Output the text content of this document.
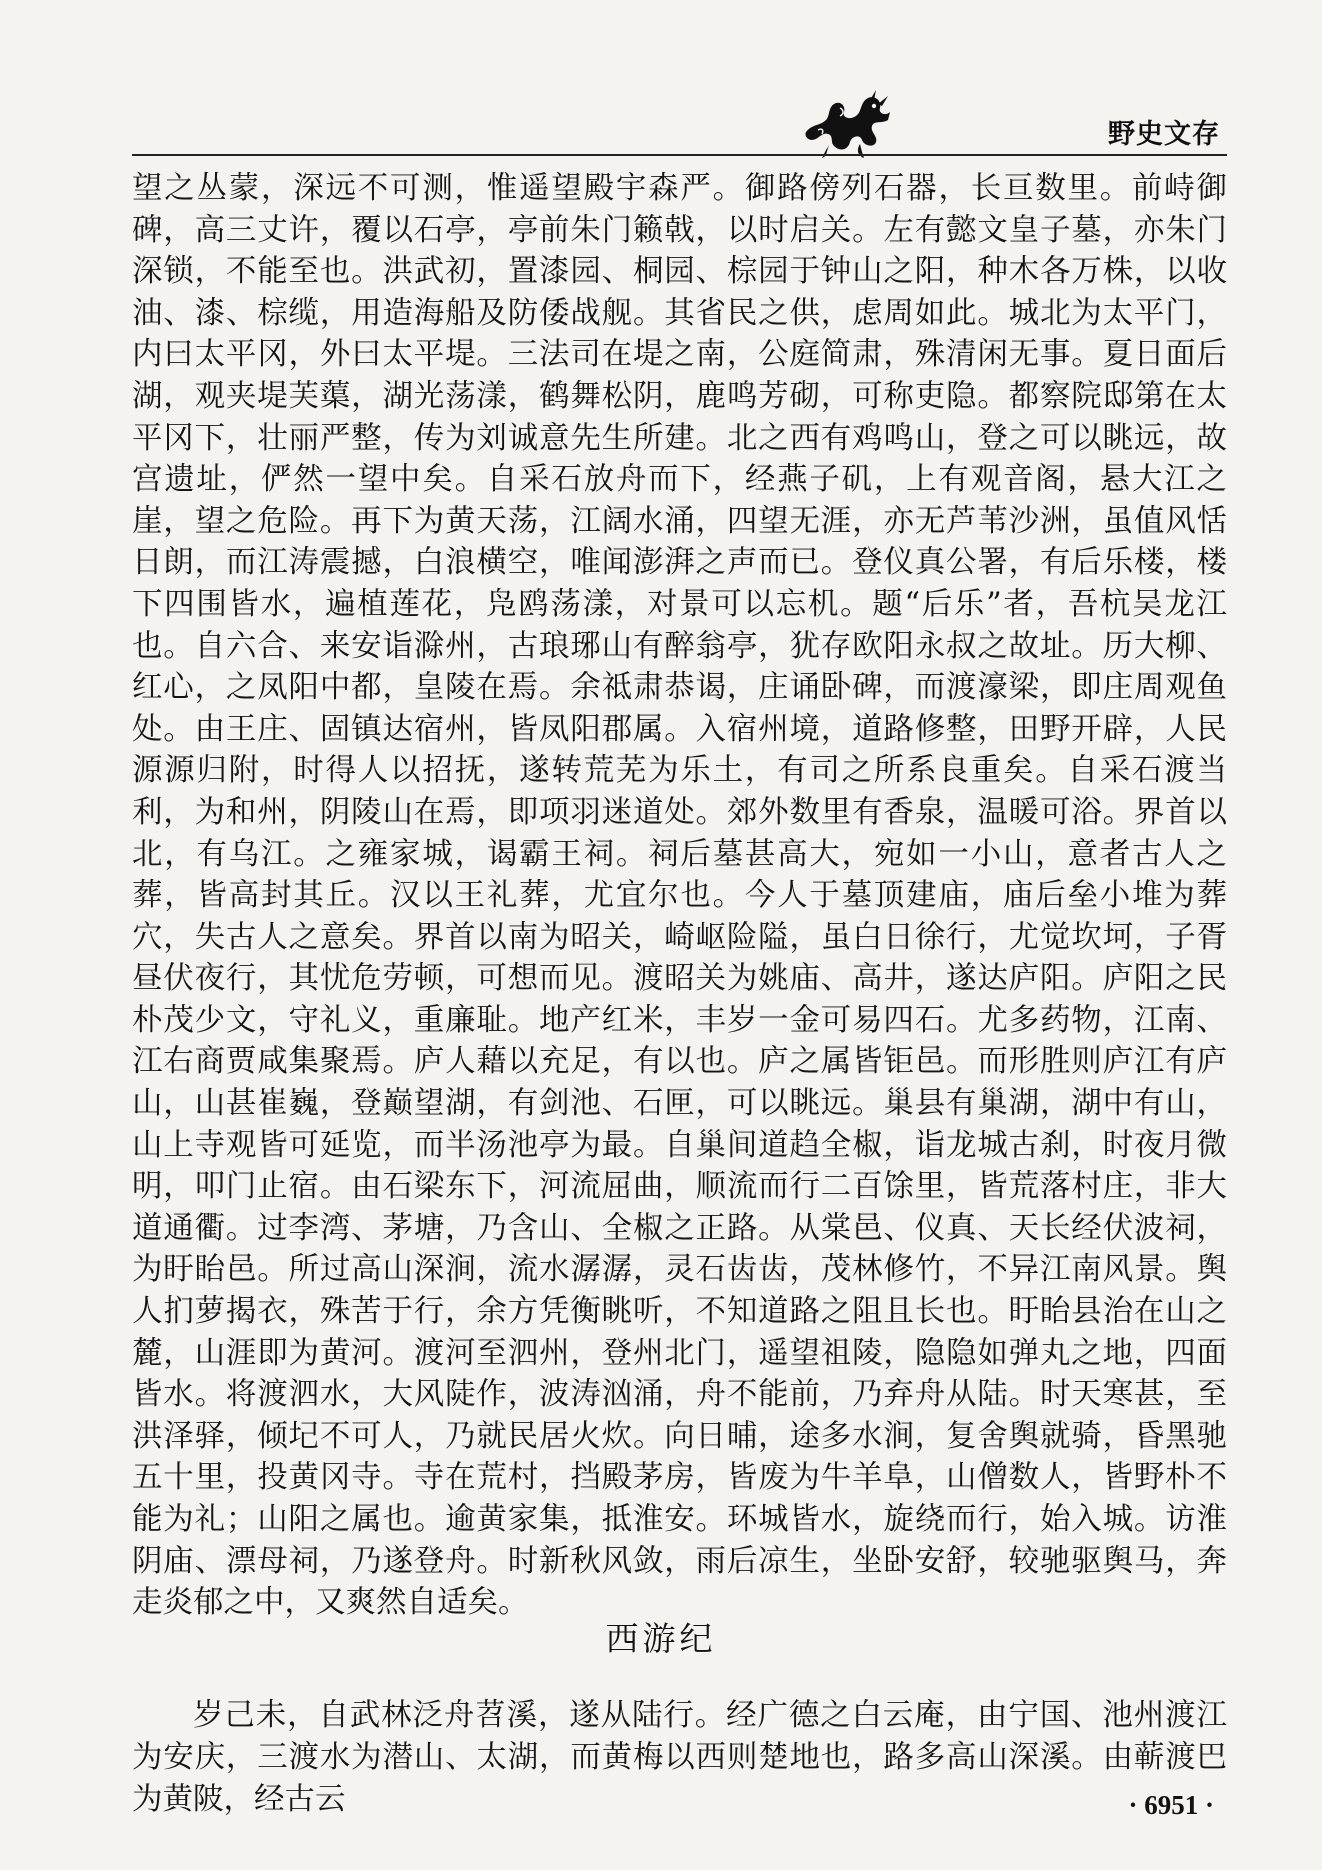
野史文存

望之丛蒙，深远不可测，惟遥望殿宇森严。御路傍列石器，长亘数里。前峙御碑，高三丈许，覆以石亭，亭前朱门籁戟，以时启关。左有懿文皇子墓，亦朱门深锁，不能至也。洪武初，置漆园、桐园、棕园于钟山之阳，种木各万株，以收油、漆、棕缆，用造海船及防倭战舰。其省民之供，虑周如此。城北为太平门，内曰太平冈，外曰太平堤。三法司在堤之南，公庭简肃，殊清闲无事。夏日面后湖，观夹堤芙蕖，湖光荡漾，鹤舞松阴，鹿鸣芳砌，可称吏隐。都察院邸第在太平冈下，壮丽严整，传为刘诚意先生所建。北之西有鸡鸣山，登之可以眺远，故宫遗址，俨然一望中矣。自采石放舟而下，经燕子矶，上有观音阁，悬大江之崖，望之危险。再下为黄天荡，江阔水涌，四望无涯，亦无芦苇沙洲，虽值风恬日朗，而江涛震撼，白浪横空，唯闻澎湃之声而已。登仪真公署，有后乐楼，楼下四围皆水，遍植莲花，凫鸥荡漾，对景可以忘机。题“后乐”者，吾杭吴龙江也。自六合、来安诣滁州，古琅琊山有醉翁亭，犹存欧阳永叔之故址。历大柳、红心，之凤阳中都，皇陵在焉。余祗肃恭谒，庄诵卧碑，而渡濠梁，即庄周观鱼处。由王庄、固镇达宿州，皆凤阳郡属。入宿州境，道路修整，田野开辟，人民源源归附，时得人以招抚，遂转荒芜为乐土，有司之所系良重矣。自采石渡当利，为和州，阴陵山在焉，即项羽迷道处。郊外数里有香泉，温暖可浴。界首以北，有乌江。之雍家城，谒霸王祠。祠后墓甚高大，宛如一小山，意者古人之葬，皆高封其丘。汉以王礼葬，尤宜尔也。今人于墓顶建庙，庙后垒小堆为葬穴，失古人之意矣。界首以南为昭关，崎岖险隘，虽白日徐行，尤觉坎坷，子胥昼伏夜行，其忧危劳顿，可想而见。渡昭关为姚庙、高井，遂达庐阳。庐阳之民朴茂少文，守礼义，重廉耻。地产红米，丰岁一金可易四石。尤多药物，江南、江右商贾咸集聚焉。庐人藉以充足，有以也。庐之属皆钜邑。而形胜则庐江有庐山，山甚崔巍，登巅望湖，有剑池、石匣，可以眺远。巢县有巢湖，湖中有山，山上寺观皆可延览，而半汤池亭为最。自巢间道趋全椒，诣龙城古刹，时夜月微明，叩门止宿。由石梁东下，河流屈曲，顺流而行二百馀里，皆荒落村庄，非大道通衢。过李湾、茅塘，乃含山、全椒之正路。从棠邑、仪真、天长经伏波祠，为盱眙邑。所过高山深涧，流水潺潺，灵石齿齿，茂林修竹，不异江南风景。舆人扪萝揭衣，殊苦于行，余方凭衡眺听，不知道路之阻且长也。盱眙县治在山之麓，山涯即为黄河。渡河至泗州，登州北门，遥望祖陵，隐隐如弹丸之地，四面皆水。将渡泗水，大风陡作，波涛汹涌，舟不能前，乃弃舟从陆。时天寒甚，至洪泽驿，倾圮不可人，乃就民居火炊。向日晡，途多水涧，复舍舆就骑，昏黑驰五十里，投黄冈寺。寺在荒村，挡殿茅房，皆废为牛羊阜，山僧数人，皆野朴不能为礼；山阳之属也。逾黄家集，抵淮安。环城皆水，旋绕而行，始入城。访淮阴庙、漂母祠，乃遂登舟。时新秋风敛，雨后凉生，坐卧安舒，较驰驱舆马，奔走炎郁之中，又爽然自适矣。

西游纪

岁己未，自武林泛舟苕溪，遂从陆行。经广德之白云庵，由宁国、池州渡江为安庆，三渡水为潜山、太湖，而黄梅以西则楚地也，路多高山深溪。由蕲渡巴为黄陂，经古云	· 6951 ·
